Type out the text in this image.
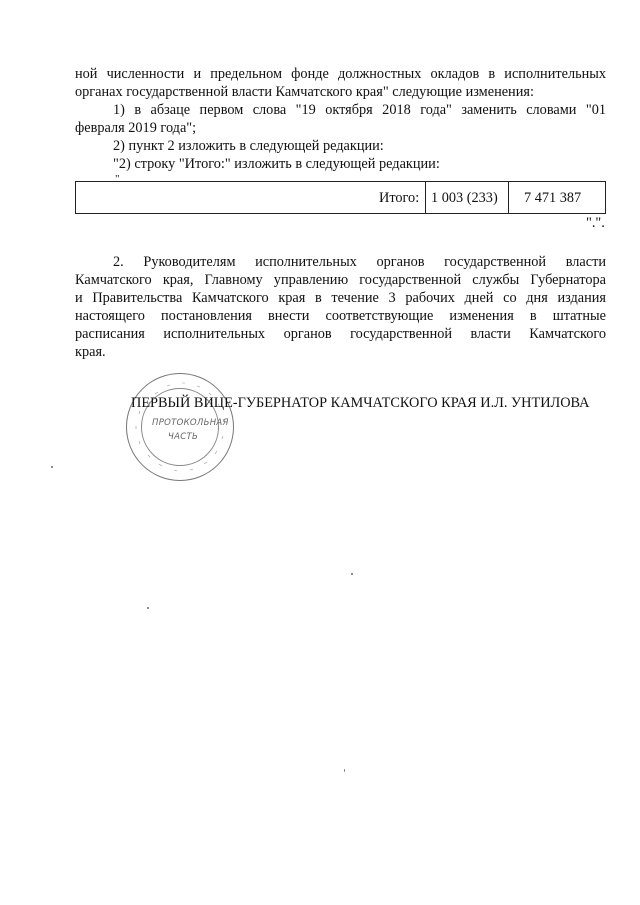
ной численности и предельном фонде должностных окладов в исполнительных
органах государственной власти Камчатского края" следующие изменения:
1) в абзаце первом слова "19 октября 2018 года" заменить словами "01
февраля 2019 года";
2) пункт 2 изложить в следующей редакции:
"2) строку "Итого:" изложить в следующей редакции:
"
Итого: 1 003 (233) 7 471 387
".".
2. Руководителям исполнительных органов государственной власти
Камчатского края, Главному управлению государственной службы Губернатора
и Правительства Камчатского края в течение 3 рабочих дней со дня издания
настоящего постановления внести соответствующие изменения в штатные
расписания исполнительных органов государственной власти Камчатского
края.
ПРОТОКОЛЬНАЯ
ЧАСТЬ
ПЕРВЫЙ ВИЦЕ-ГУБЕРНАТОР КАМЧАТСКОГО КРАЯ И.Л. УНТИЛОВА
